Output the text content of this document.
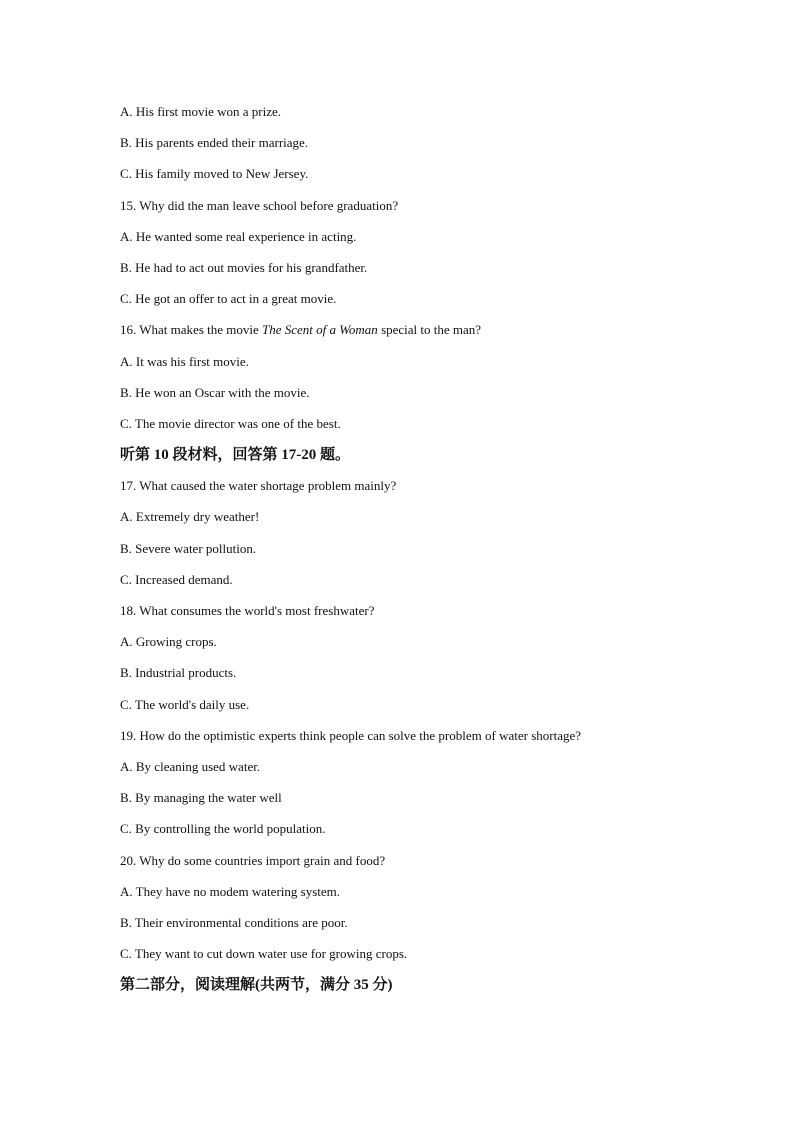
A. His first movie won a prize.
B. His parents ended their marriage.
C. His family moved to New Jersey.
15. Why did the man leave school before graduation?
A. He wanted some real experience in acting.
B. He had to act out movies for his grandfather.
C. He got an offer to act in a great movie.
16. What makes the movie The Scent of a Woman special to the man?
A. It was his first movie.
B. He won an Oscar with the movie.
C. The movie director was one of the best.
听第 10 段材料，回答第 17-20 题。
17. What caused the water shortage problem mainly?
A. Extremely dry weather!
B. Severe water pollution.
C. Increased demand.
18. What consumes the world's most freshwater?
A. Growing crops.
B. Industrial products.
C. The world's daily use.
19. How do the optimistic experts think people can solve the problem of water shortage?
A. By cleaning used water.
B. By managing the water well
C. By controlling the world population.
20. Why do some countries import grain and food?
A. They have no modem watering system.
B. Their environmental conditions are poor.
C. They want to cut down water use for growing crops.
第二部分，阅读理解(共两节，满分 35 分)
